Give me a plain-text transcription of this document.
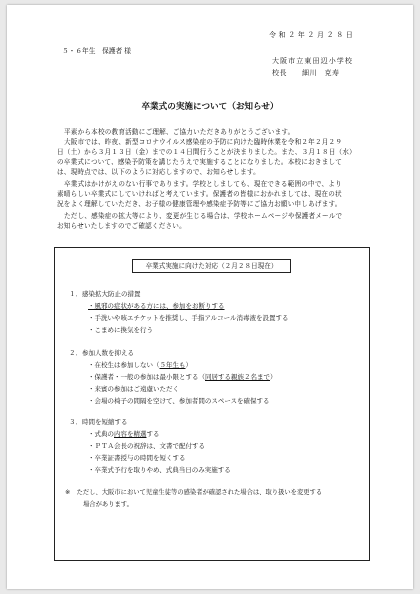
令和２年２月２８日
５・６年生　保護者 様
大阪市立東田辺小学校
校長　　細川　克寿
卒業式の実施について（お知らせ）
平素から本校の教育活動にご理解、ご協力いただきありがとうございます。
大阪市では、昨夜、新型コロナウイルス感染症の予防に向けた臨時休業を令和２年２月２９
日（土）から３月１３日（金）までの１４日間行うことが決まりました。また、３月１８日（水）
の卒業式について、感染予防策を講じたうえで実施することになりました。本校におきまして
は、現時点では、以下のように対応しますので、お知らせします。
卒業式はかけがえのない行事であります。学校としましても、現在できる範囲の中で、より
素晴らしい卒業式にしていければと考えています。保護者の皆様におかれましては、現在の状
況をよく理解していただき、お子様の健康管理や感染症予防等にご協力お願い申しあげます。
ただし、感染症の拡大等により、変更が生じる場合は、学校ホームページや保護者メールで
お知らせいたしますのでご確認ください。
卒業式実施に向けた対応（２月２８日現在）
１．感染拡大防止の措置
・風邪の症状がある方には、参加をお断りする
・手洗いや咳エチケットを推奨し、手指アルコール消毒液を設置する
・こまめに換気を行う
２．参加人数を抑える
・在校生は参加しない（５年生も）
・保護者・一般の参加は最小限とする（同居する親族２名まで）
・来賓の参加はご遠慮いただく
・会場の椅子の間隔を空けて、参加者間のスペースを確保する
３．時間を短縮する
・式典の内容を精選する
・ＰＴＡ会長の祝辞は、文書で配付する
・卒業証書授与の時間を短くする
・卒業式予行を取りやめ、式典当日のみ実施する
※　ただし、大阪市において児童生徒等の感染者が確認された場合は、取り扱いを変更する
場合があります。
